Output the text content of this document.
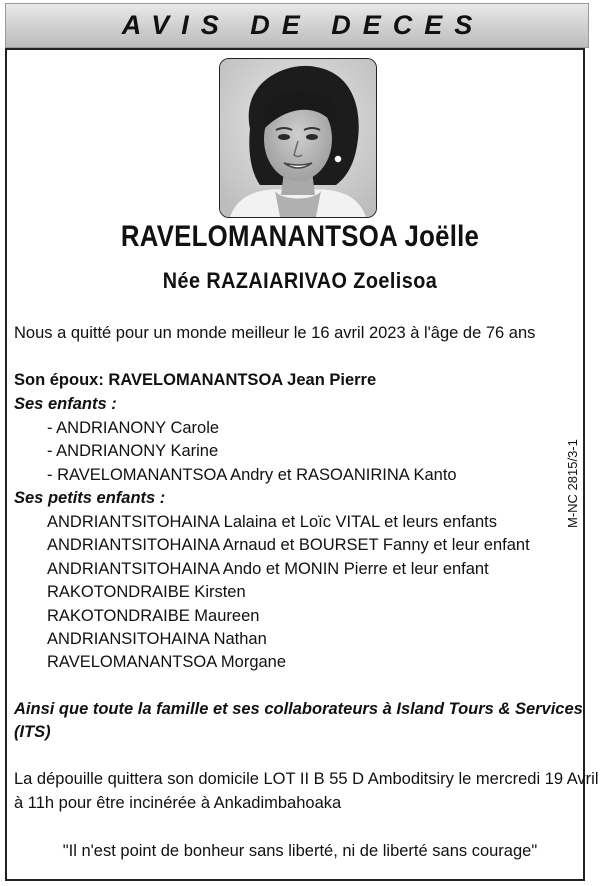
AVIS DE DECES
RAVELOMANANTSOA Joëlle
Née RAZAIARIVAO Zoelisoa
Nous a quitté pour un monde meilleur le 16 avril 2023 à l'âge de 76 ans
Son époux: RAVELOMANANTSOA Jean Pierre
Ses enfants :
- ANDRIANONY Carole
- ANDRIANONY Karine
- RAVELOMANANTSOA Andry et RASOANIRINA Kanto
Ses petits enfants :
ANDRIANTSITOHAINA Lalaina et Loïc VITAL et leurs enfants
ANDRIANTSITOHAINA Arnaud et BOURSET Fanny et leur enfant
ANDRIANTSITOHAINA Ando et MONIN Pierre et leur enfant
RAKOTONDRAIBE Kirsten
RAKOTONDRAIBE Maureen
ANDRIANSITOHAINA Nathan
RAVELOMANANTSOA Morgane
Ainsi que toute la famille et ses collaborateurs à Island Tours & Services
(ITS)
La dépouille quittera son domicile LOT II B 55 D Amboditsiry le mercredi 19 Avril
à 11h pour être incinérée à Ankadimbahoaka
"Il n'est point de bonheur sans liberté, ni de liberté sans courage"
M-NC 2815/3-1
